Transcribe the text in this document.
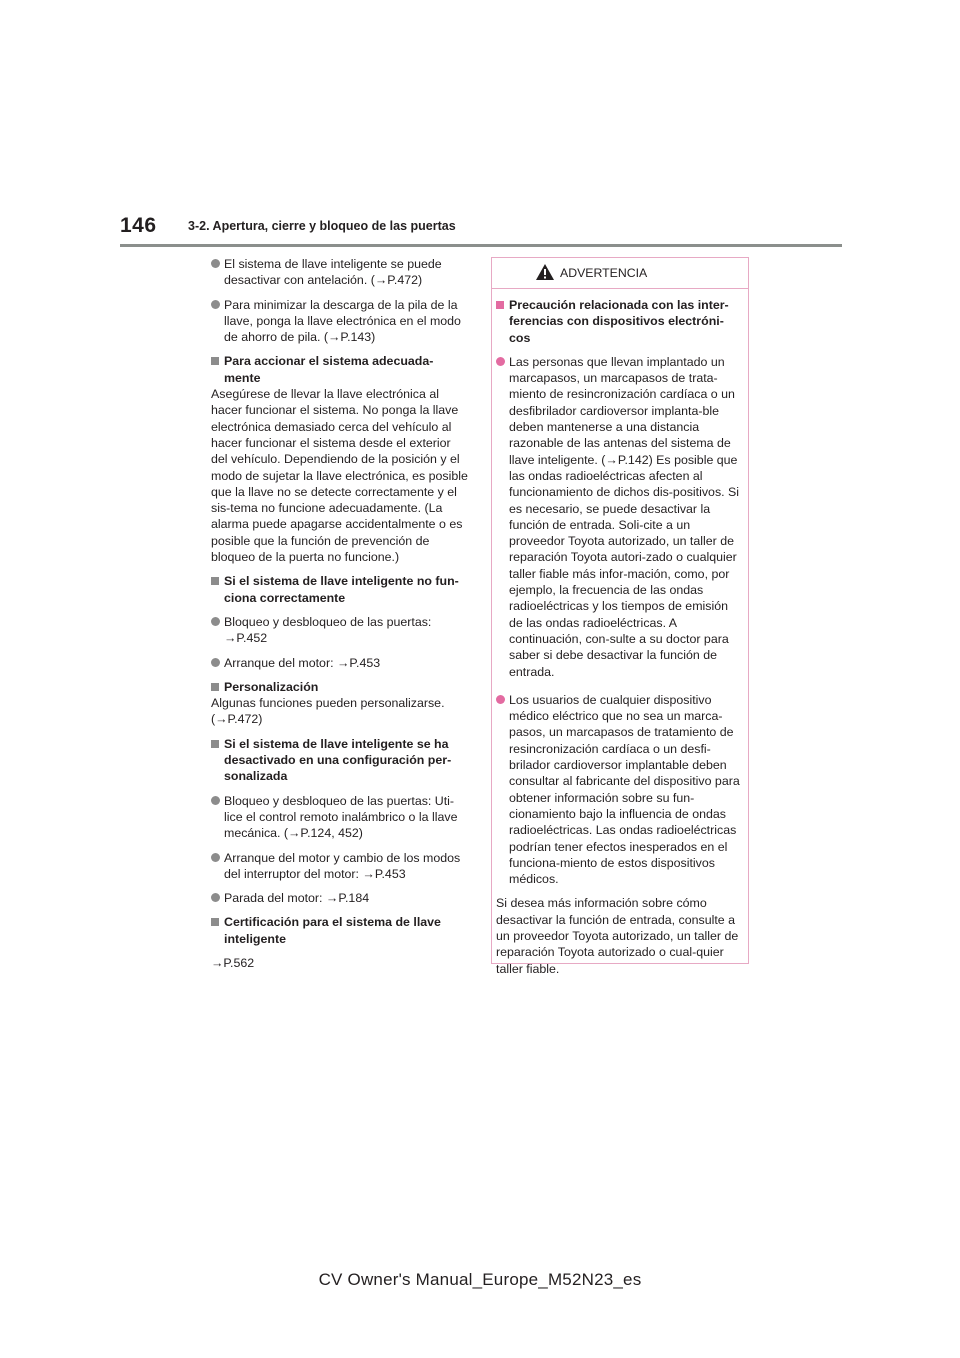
146	3-2. Apertura, cierre y bloqueo de las puertas
El sistema de llave inteligente se puede desactivar con antelación. (→P.472)
Para minimizar la descarga de la pila de la llave, ponga la llave electrónica en el modo de ahorro de pila. (→P.143)
Para accionar el sistema adecuada-mente
Asegúrese de llevar la llave electrónica al hacer funcionar el sistema. No ponga la llave electrónica demasiado cerca del vehículo al hacer funcionar el sistema desde el exterior del vehículo. Dependiendo de la posición y el modo de sujetar la llave electrónica, es posible que la llave no se detecte correctamente y el sis-tema no funcione adecuadamente. (La alarma puede apagarse accidentalmente o es posible que la función de prevención de bloqueo de la puerta no funcione.)
Si el sistema de llave inteligente no fun-ciona correctamente
Bloqueo y desbloqueo de las puertas: →P.452
Arranque del motor: →P.453
Personalización
Algunas funciones pueden personalizarse. (→P.472)
Si el sistema de llave inteligente se ha desactivado en una configuración per-sonalizada
Bloqueo y desbloqueo de las puertas: Uti-lice el control remoto inalámbrico o la llave mecánica. (→P.124, 452)
Arranque del motor y cambio de los modos del interruptor del motor: →P.453
Parada del motor: →P.184
Certificación para el sistema de llave inteligente
→P.562
ADVERTENCIA
Precaución relacionada con las inter-ferencias con dispositivos electróni-cos
Las personas que llevan implantado un marcapasos, un marcapasos de trata-miento de resincronización cardíaca o un desfibrilador cardioversor implanta-ble deben mantenerse a una distancia razonable de las antenas del sistema de llave inteligente. (→P.142) Es posible que las ondas radioeléctricas afecten al funcionamiento de dichos dis-positivos. Si es necesario, se puede desactivar la función de entrada. Soli-cite a un proveedor Toyota autorizado, un taller de reparación Toyota autori-zado o cualquier taller fiable más infor-mación, como, por ejemplo, la frecuencia de las ondas radioeléctricas y los tiempos de emisión de las ondas radioeléctricas. A continuación, con-sulte a su doctor para saber si debe desactivar la función de entrada.
Los usuarios de cualquier dispositivo médico eléctrico que no sea un marca-pasos, un marcapasos de tratamiento de resincronización cardíaca o un desfi-brilador cardioversor implantable deben consultar al fabricante del dispositivo para obtener información sobre su fun-cionamiento bajo la influencia de ondas radioeléctricas. Las ondas radioeléctricas podrían tener efectos inesperados en el funciona-miento de estos dispositivos médicos.
Si desea más información sobre cómo desactivar la función de entrada, consulte a un proveedor Toyota autorizado, un taller de reparación Toyota autorizado o cual-quier taller fiable.
CV Owner's Manual_Europe_M52N23_es
